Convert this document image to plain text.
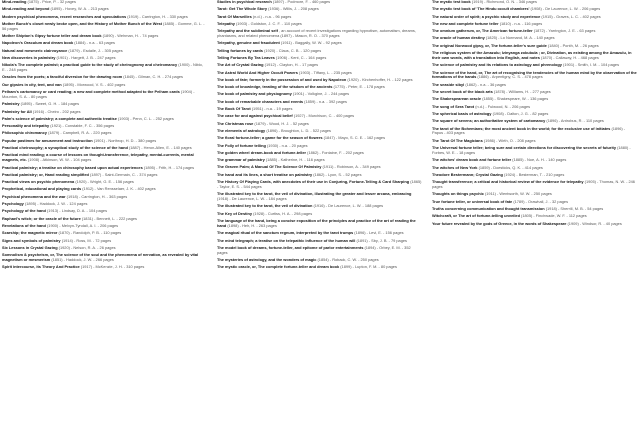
Mind-reading (1875) - Price, P. - 32 pages
Mind-reading and beyond (1895) - Hovey, W. A. - 213 pages
Modern psychical phenomena, recent researches and speculations (1919) - Carrington, H. - 330 pages
Mother Bunch's closet newly broke open, and the History of Mother Bunch of the West (1885) - Gomme, G. L. - 56 pages
Mother Shipton's Gipsy fortune teller and dream book (1890) - Wehman, H. - 74 pages
Napoleon's Oraculum and dream book (1884) - n.a. - 63 pages
Natural and mesmeric clairvoyance (1879) - Esdaile, J. - 305 pages
New discoveries in palmistry (1901) - Hargett, J. B. - 247 pages
Nikola's The complete palmist; a practical guide to the study of cheirognomy and cheiromancy (1900) - Niblo, E. - 248 pages
Oracles from the poets; a fanciful diversion for the drawing room (1845) - Gilman, C. H. - 274 pages
Our gipsies in city, tent, and van (1895) - Morwood, V. S. - 402 pages
Pelham's cartomancy or card reading; a new and complete method adapted to the Pelham cards (1904) - Mounton, S. A. - 80 pages
Palmistry (1895) - Sweet, G. H. - 184 pages
Palmistry for All (1916) - Cheiro - 202 pages
Palm's science of palmistry; a complete and authentic treatise (1903) - Penn, C. L. - 252 pages
Personality and telepathy (1921) - Constable, F. C. - 356 pages
Philosophic chiromancy (1879) - Campbell, R. A. - 220 pages
Popular pastimes for amusement and instruction (1901) - Northrop, H. D. - 380 pages
Practical cheirosophy; a synoptical study of the science of the hand (1887) - Heron-Allen, E. - 140 pages
Practical mind reading; a course of lessons on thought-transference, telepathy, mental-currents, mental magnets, etc. (1908) - Atkinson, W. W. - 104 pages
Practical palmistry; a treatise on chirosophy based upon actual experiences (1895) - Frith, H. - 174 pages
Practical palmistry; or, Hand reading simplified (1897) - Saint-Germain, C. - 374 pages
Practical views on psychic phenomena (1920) - Wright, G. E. - 156 pages
Prophetical, educational and playing cards (1912) - Van Rensselaer, J. K. - 402 pages
Psychical phenomena and the war (1918) - Carrington, H. - 363 pages
Psychology (1895) - Haddock, J. W. - 124 pages
Psychology of the hand (1913) - Lindsay, D. A. - 104 pages
Raphael's witch; or the oracle of the future (1831) - Bennett, L. - 222 pages
Revelations of the hand (1900) - Melvyn-Tyndall, A. I. - 206 pages
Scarship; the magnetic mirror (1870) - Randolph, P. B. - 110 pages
Signs and symbols of palmistry (1914) - Ross, M. - 72 pages
Six Lessons in Crystal Gazing (1920) - Nelson, R. A. - 26 pages
Somnolism & psycheism, or, The science of the soul and the phenomena of nervation, as revealed by vital magnetism or mesmerism (1851) - Haddock, J. W. - 266 pages
Spirit intercourse, its Theory And Practice (1917) - McKenzie, J. H. - 310 pages
Studies in psychical research (1897) - Podmore, F. - 460 pages
Tarot: Get The Whole Story (1936) - Willis, J. - 208 pages
Tarot Of Marseilles (n.d.) - n.a. - 96 pages
Telepathy (1903) - Goldston, J. C. F. - 110 pages
Telepathy and the subliminal self , an account of recent investigations regarding hypnotism, automatism, dreams, phantasms, and related phenomena (1897) - Mason, R. O. - 370 pages
Telepathy, genuine and fraudulent (1911) - Baggally, W. W. - 92 pages
Telling fortunes by cards (1920) - Claus, C. B. - 120 pages
Telling Fortunes By Tea Leaves (1906) - Kent, C. - 164 pages
The Art of Crystal Gazing (1912) - Clayton, H. - 17 pages
The Astral World And Higher Occult Powers (1903) - Tiffany, L. - 235 pages
The book of fate; formerly in the possession of and used by Napoleon (1920) - Kirchenhoffer, H. - 122 pages
The book of knowledge, treating of the wisdom of the ancients (1775) - Peter, E. - 178 pages
The book of palmistry and physiognomy (1901) - Volkgine, J. - 244 pages
The book of remarkable characters and events (1859) - n.a. - 392 pages
The Book Of Tarot (1951) - n.a. - 19 pages
The case for and against psychical belief (1927) - Murchison, C. - 400 pages
The Christmas rose (1879) - Wood, H. J. - 52 pages
The elements of astrology (1896) - Broughton, L. D. - 522 pages
The floral fortune-teller; a game for the season of flowers (1847) - Mayo, S. C. E. - 162 pages
The Folly of fortune telling (1930) - n.a. - 20 pages
The golden wheel dream-book and fortune-teller (1862) - Fontaine, F. - 202 pages
The grammar of palmistry (1885) - Katherine, H. - 116 pages
The Graven Palm; A Manual Of The Science Of Palmistry (1911) - Robinson, A. - 349 pages
The hand and its lines, a short treatise on palmistry (1862) - Lyon, S. - 52 pages
The History Of Playing Cards, with anecdotes of their use in Conjuring, Fortune-Telling & Card Sharping (1865) - Taylor, E. S. - 544 pages
The illustrated key to the tarot, the veil of divination, illustrating the greater and lesser arcana, embracing (1918) - De Laurence, L. W. - 184 pages
The illustrated key to the tarot, the veil of divination (1916) - De Laurence, L. W. - 188 pages
The Key of Destiny (1928) - Curtiss, H. A. - 298 pages
The language of the hand, being a concise exposition of the principles and practice of the art of reading the hand (1898) - Heh, H. - 263 pages
The magical ritual of the sanctum regnum, interpreted by the tarot trumps (1896) - Levi, E. - 156 pages
The mind telegraph; a treatise on the telepathic influence of the human will (1891) - Sby, J. B. - 79 pages
The model book of dreams, fortune-teller, and epitome of parlor entertainments (1894) - Orbey, E. M. - 352 pages
The mysteries of astrology, and the wonders of magic (1854) - Roback, C. W. - 250 pages
The mystic oracle, or, The complete fortune-teller and dream book (1899) - Lupton, F. M. - 80 pages
The mystic test book (1919) - Richmond, O. N. - 346 pages
The mystic test book of 'The Hindu occult chambers' (1908) - De Laurence, L. W. - 206 pages
The natural order of spirit; a psychic study and experience (1915) - Graves, L. C. - 402 pages
The new and complete fortune teller (1810) - n.a. - 116 pages
The omnium gatherum, or, The American fortune-teller (1872) - Yarrington, J. E. - 63 pages
The oracle of human destiny (1825) - Lo Normand, M. A. - 140 pages
The original Norwood gipsy, or, The fortune-teller's sure guide (1840) - Ponth, M. - 26 pages
The religious system of the Amazulu; Izinyanga zokubula ; or, Divination, as existing among the Amazulu, in their own words, with a translation into English, and notes (1870) - Callaway, H. - 468 pages
The science of palmistry and its relations to astrology and phrenology (1901) - Smith, I. M. - 104 pages
The science of the hand, or, The art of recognising the tendencies of the human mind by the observation of the formations of the hands (1886) - Arpentigny, C. S. - 478 pages
The seaside sibyl (1862) - n.a. - 36 pages
The secret book of the black arts (1878) - Williams, H. - 277 pages
The Shakespearean oracle (1855) - Shakespeare, W. - 136 pages
The song of Sera Tarot (n.d.) - Fulwood, N. - 206 pages
The spherical basis of astrology (1908) - Dalton, J. G. - 82 pages
The square of sevens; an authoritative system of cartomancy (1896) - Antrobus, R. - 110 pages
The tarot of the Bohemians; the most ancient book in the world; for the exclusive use of initiates (1896) - Papus - 403 pages
The Tarot Of The Magicians (1986) - Wirth, O. - 208 pages
The Universal fortune teller; being sure and certain directions for discovering the secrets of futurity (1880) - Forbes, W. E. - 18 pages
The witches' dream book and fortune teller (1885) - Noe, A. H. - 140 pages
The witches of New York (1859) - Doesticks, Q. K. - 414 pages
Theodore Bestermann; Crystal Gazing (1924) - Besterman, T. - 210 pages
Thought transference; a critical and historical review of the evidence for telepathy (1905) - Thomas, N. W. - 246 pages
Thoughts on things psychic (1911) - Wentworth, W. W. - 250 pages
True fortune teller, or universal book of fate (1789) - Orawhall, J. - 32 pages
Truths concerning communication and thought transmission (1918) - Sherrill, M. B. - 54 pages
Witchcraft, or The art of fortune-telling unveiled (1805) - Finchwade, W. F. - 112 pages
Your future revealed by the gods of Greece, in the words of Shakespeare (1909) - Windsor, R. - 40 pages
